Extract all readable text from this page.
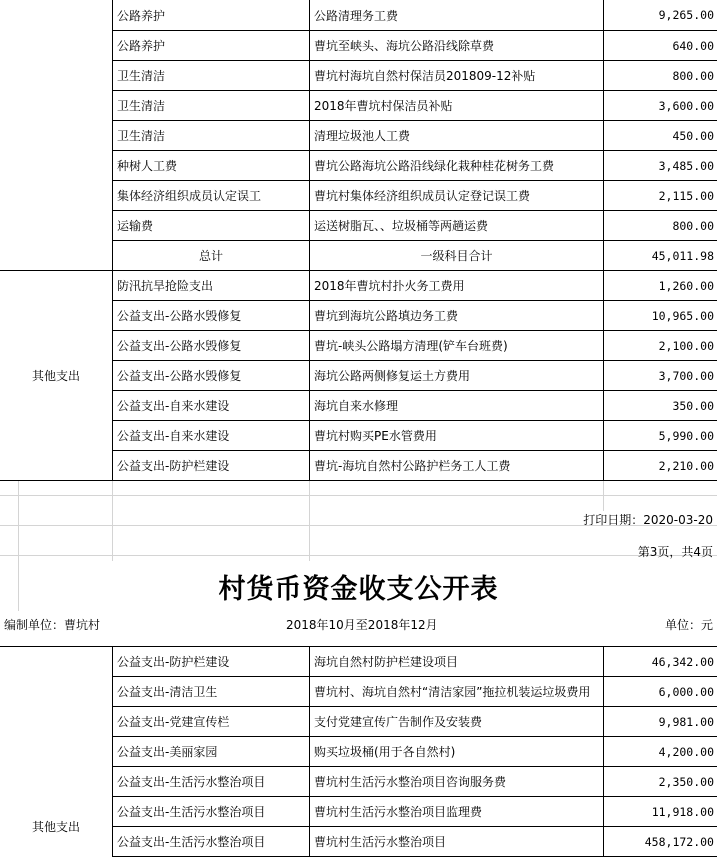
公路养护	公路清理务工费	9,265.00
公路养护	曹坑至峡头、海坑公路沿线除草费	640.00
卫生清洁	曹坑村海坑自然村保洁员201809-12补贴	800.00
卫生清洁	2018年曹坑村保洁员补贴	3,600.00
卫生清洁	清理垃圾池人工费	450.00
种树人工费	曹坑公路海坑公路沿线绿化栽种桂花树务工费	3,485.00
集体经济组织成员认定误工	曹坑村集体经济组织成员认定登记误工费	2,115.00
运输费	运送树脂瓦、、垃圾桶等两趟运费	800.00
总计	一级科目合计	45,011.98
其他支出
防汛抗旱抢险支出	2018年曹坑村扑火务工费用	1,260.00
公益支出-公路水毁修复	曹坑到海坑公路填边务工费	10,965.00
公益支出-公路水毁修复	曹坑-峡头公路塌方清理(铲车台班费)	2,100.00
公益支出-公路水毁修复	海坑公路两侧修复运土方费用	3,700.00
公益支出-自来水建设	海坑自来水修理	350.00
公益支出-自来水建设	曹坑村购买PE水管费用	5,990.00
公益支出-防护栏建设	曹坑-海坑自然村公路护栏务工人工费	2,210.00
打印日期：2020-03-20
第3页，共4页
村货币资金收支公开表
编制单位：曹坑村	2018年10月至2018年12月	单位：元
其他支出
公益支出-防护栏建设	海坑自然村防护栏建设项目	46,342.00
公益支出-清洁卫生	曹坑村、海坑自然村“清洁家园”拖拉机装运垃圾费用	6,000.00
公益支出-党建宣传栏	支付党建宣传广告制作及安装费	9,981.00
公益支出-美丽家园	购买垃圾桶(用于各自然村)	4,200.00
公益支出-生活污水整治项目	曹坑村生活污水整治项目咨询服务费	2,350.00
公益支出-生活污水整治项目	曹坑村生活污水整治项目监理费	11,918.00
公益支出-生活污水整治项目	曹坑村生活污水整治项目	458,172.00
